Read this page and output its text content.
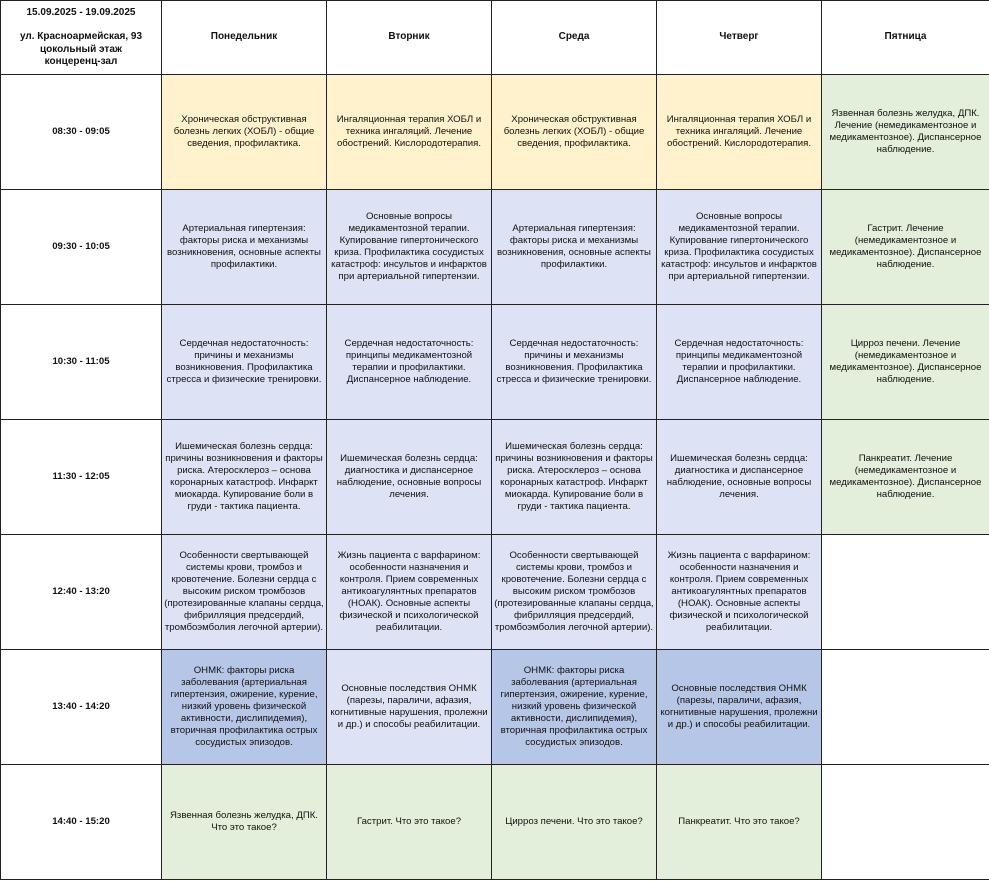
15.09.2025 - 19.09.2025
ул. Красноармейская, 93
цокольный этаж
концеренц-зал	Понедельник	Вторник	Среда	Четверг	Пятница
08:30 - 09:05	Хроническая обструктивная болезнь легких (ХОБЛ) - общие сведения, профилактика.	Ингаляционная терапия ХОБЛ и техника ингаляций. Лечение обострений. Кислородотерапия.	Хроническая обструктивная болезнь легких (ХОБЛ) - общие сведения, профилактика.	Ингаляционная терапия ХОБЛ и техника ингаляций. Лечение обострений. Кислородотерапия.	Язвенная болезнь желудка, ДПК. Лечение (немедикаментозное и медикаментозное). Диспансерное наблюдение.
09:30 - 10:05	Артериальная гипертензия: факторы риска и механизмы возникновения, основные аспекты профилактики.	Основные вопросы медикаментозной терапии. Купирование гипертонического криза. Профилактика сосудистых катастроф: инсультов и инфарктов при артериальной гипертензии.	Артериальная гипертензия: факторы риска и механизмы возникновения, основные аспекты профилактики.	Основные вопросы медикаментозной терапии. Купирование гипертонического криза. Профилактика сосудистых катастроф: инсультов и инфарктов при артериальной гипертензии.	Гастрит. Лечение (немедикаментозное и медикаментозное). Диспансерное наблюдение.
10:30 - 11:05	Сердечная недостаточность: причины и механизмы возникновения. Профилактика стресса и физические тренировки.	Сердечная недостаточность: принципы медикаментозной терапии и профилактики. Диспансерное наблюдение.	Сердечная недостаточность: причины и механизмы возникновения. Профилактика стресса и физические тренировки.	Сердечная недостаточность: принципы медикаментозной терапии и профилактики. Диспансерное наблюдение.	Цирроз печени. Лечение (немедикаментозное и медикаментозное). Диспансерное наблюдение.
11:30 - 12:05	Ишемическая болезнь сердца: причины возникновения и факторы риска. Атеросклероз – основа коронарных катастроф. Инфаркт миокарда. Купирование боли в груди - тактика пациента.	Ишемическая болезнь сердца: диагностика и диспансерное наблюдение, основные вопросы лечения.	Ишемическая болезнь сердца: причины возникновения и факторы риска. Атеросклероз – основа коронарных катастроф. Инфаркт миокарда. Купирование боли в груди - тактика пациента.	Ишемическая болезнь сердца: диагностика и диспансерное наблюдение, основные вопросы лечения.	Панкреатит. Лечение (немедикаментозное и медикаментозное). Диспансерное наблюдение.
12:40 - 13:20	Особенности свертывающей системы крови, тромбоз и кровотечение. Болезни сердца с высоким риском тромбозов (протезированные клапаны сердца, фибрилляция предсердий, тромбоэмболия легочной артерии).	Жизнь пациента с варфарином: особенности назначения и контроля. Прием современных антикоагулянтных препаратов (НОАК). Основные аспекты физической и психологической реабилитации.	Особенности свертывающей системы крови, тромбоз и кровотечение. Болезни сердца с высоким риском тромбозов (протезированные клапаны сердца, фибрилляция предсердий, тромбоэмболия легочной артерии).	Жизнь пациента с варфарином: особенности назначения и контроля. Прием современных антикоагулянтных препаратов (НОАК). Основные аспекты физической и психологической реабилитации.	
13:40 - 14:20	ОНМК: факторы риска заболевания (артериальная гипертензия, ожирение, курение, низкий уровень физической активности, дислипидемия), вторичная профилактика острых сосудистых эпизодов.	Основные последствия ОНМК (парезы, параличи, афазия, когнитивные нарушения, пролежни и др.) и способы реабилитации.	ОНМК: факторы риска заболевания (артериальная гипертензия, ожирение, курение, низкий уровень физической активности, дислипидемия), вторичная профилактика острых сосудистых эпизодов.	Основные последствия ОНМК (парезы, параличи, афазия, когнитивные нарушения, пролежни и др.) и способы реабилитации.	
14:40 - 15:20	Язвенная болезнь желудка, ДПК. Что это такое?	Гастрит. Что это такое?	Цирроз печени. Что это такое?	Панкреатит. Что это такое?	
